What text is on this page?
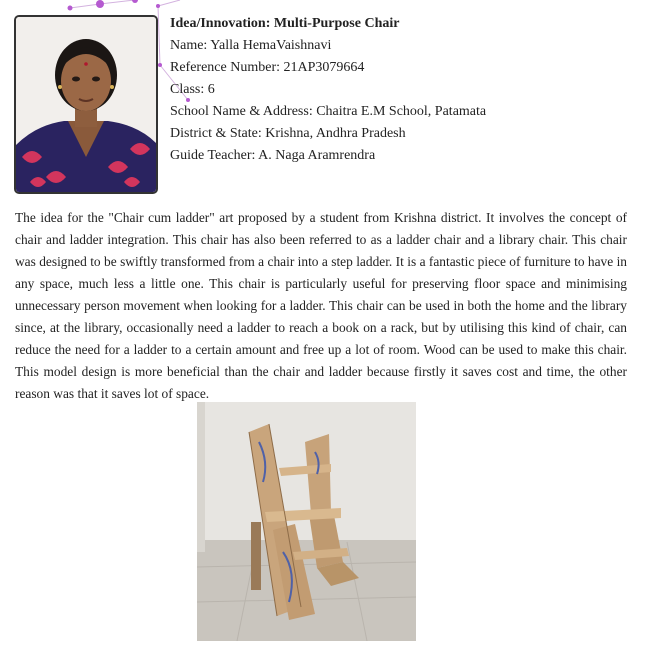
Idea/Innovation: Multi-Purpose Chair
Name: Yalla HemaVaishnavi
Reference Number: 21AP3079664
Class: 6
School Name & Address: Chaitra E.M School, Patamata
District & State: Krishna, Andhra Pradesh
Guide Teacher: A. Naga Aramrendra

The idea for the "Chair cum ladder" art proposed by a student from Krishna district. It involves the concept of chair and ladder integration. This chair has also been referred to as a ladder chair and a library chair. This chair was designed to be swiftly transformed from a chair into a step ladder. It is a fantastic piece of furniture to have in any space, much less a little one. This chair is particularly useful for preserving floor space and minimising unnecessary person movement when looking for a ladder. This chair can be used in both the home and the library since, at the library, occasionally need a ladder to reach a book on a rack, but by utilising this kind of chair, can reduce the need for a ladder to a certain amount and free up a lot of room. Wood can be used to make this chair. This model design is more beneficial than the chair and ladder because firstly it saves cost and time, the other reason was that it saves lot of space.
